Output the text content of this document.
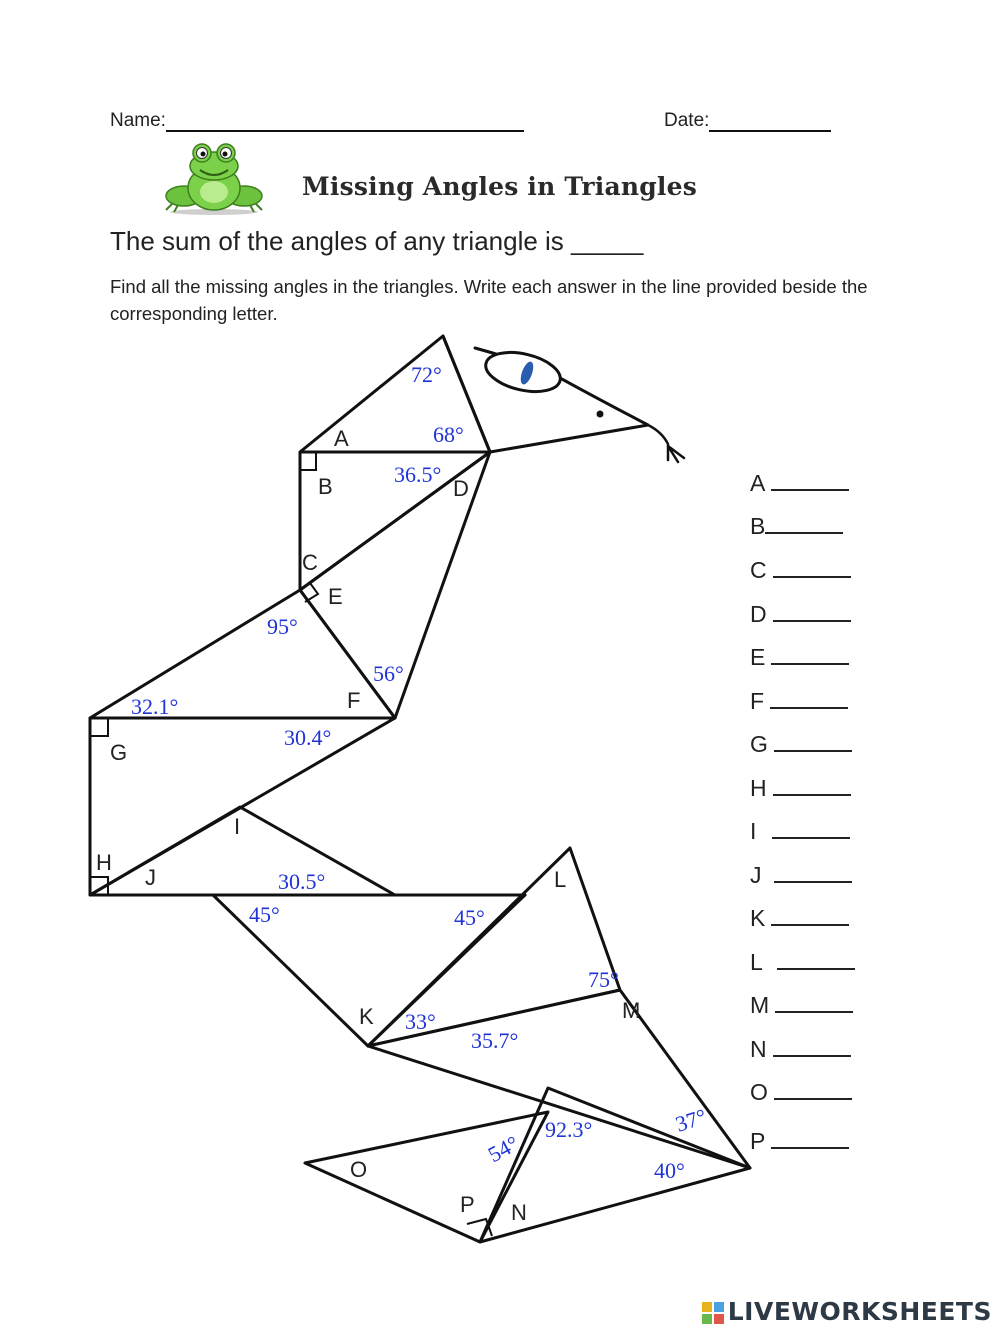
Name:	Date:
Missing Angles in Triangles
The sum of the angles of any triangle is _____
Find all the missing angles in the triangles. Write each answer in the line provided beside the corresponding letter.
A
B	D
C
E
F
G
H
J
I
L
M
K
O
P N
72°
68°
36.5°
95°
56°
32.1°
30.4°
30.5°
45°	45°
75°
33°
35.7°
92.3°
54°
37°
40°
A
B
C
D
E
F
G
H
I
J
K
L
M
N
O
P
LIVEWORKSHEETS
